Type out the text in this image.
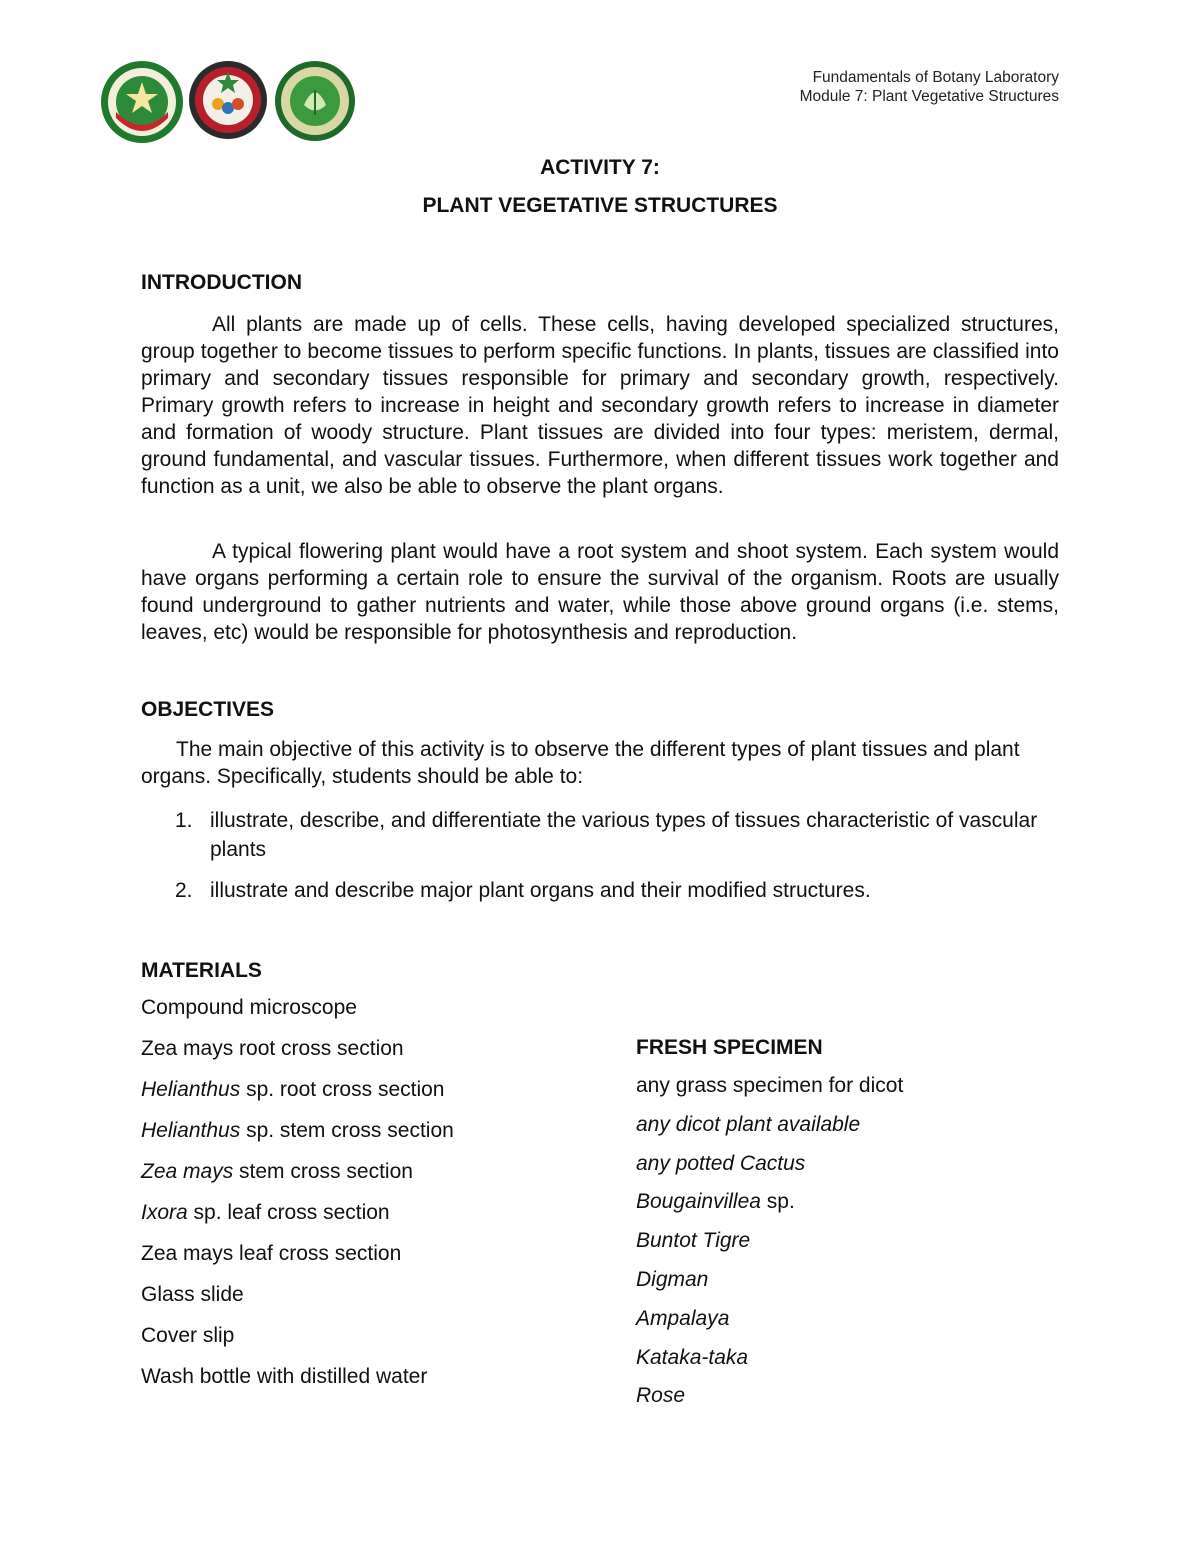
Fundamentals of Botany Laboratory
Module 7: Plant Vegetative Structures
ACTIVITY 7:
PLANT VEGETATIVE STRUCTURES
INTRODUCTION

All plants are made up of cells. These cells, having developed specialized structures, group together to become tissues to perform specific functions. In plants, tissues are classified into primary and secondary tissues responsible for primary and secondary growth, respectively. Primary growth refers to increase in height and secondary growth refers to increase in diameter and formation of woody structure. Plant tissues are divided into four types: meristem, dermal, ground fundamental, and vascular tissues. Furthermore, when different tissues work together and function as a unit, we also be able to observe the plant organs.

A typical flowering plant would have a root system and shoot system. Each system would have organs performing a certain role to ensure the survival of the organism. Roots are usually found underground to gather nutrients and water, while those above ground organs (i.e. stems, leaves, etc) would be responsible for photosynthesis and reproduction.

OBJECTIVES

The main objective of this activity is to observe the different types of plant tissues and plant organs. Specifically, students should be able to:

1. illustrate, describe, and differentiate the various types of tissues characteristic of vascular plants
2. illustrate and describe major plant organs and their modified structures.
MATERIALS
Compound microscope
Zea mays root cross section
Helianthus sp. root cross section
Helianthus sp. stem cross section
Zea mays stem cross section
Ixora sp. leaf cross section
Zea mays leaf cross section
Glass slide
Cover slip
Wash bottle with distilled water
FRESH SPECIMEN
any grass specimen for dicot
any dicot plant available
any potted Cactus
Bougainvillea sp.
Buntot Tigre
Digman
Ampalaya
Kataka-taka
Rose
